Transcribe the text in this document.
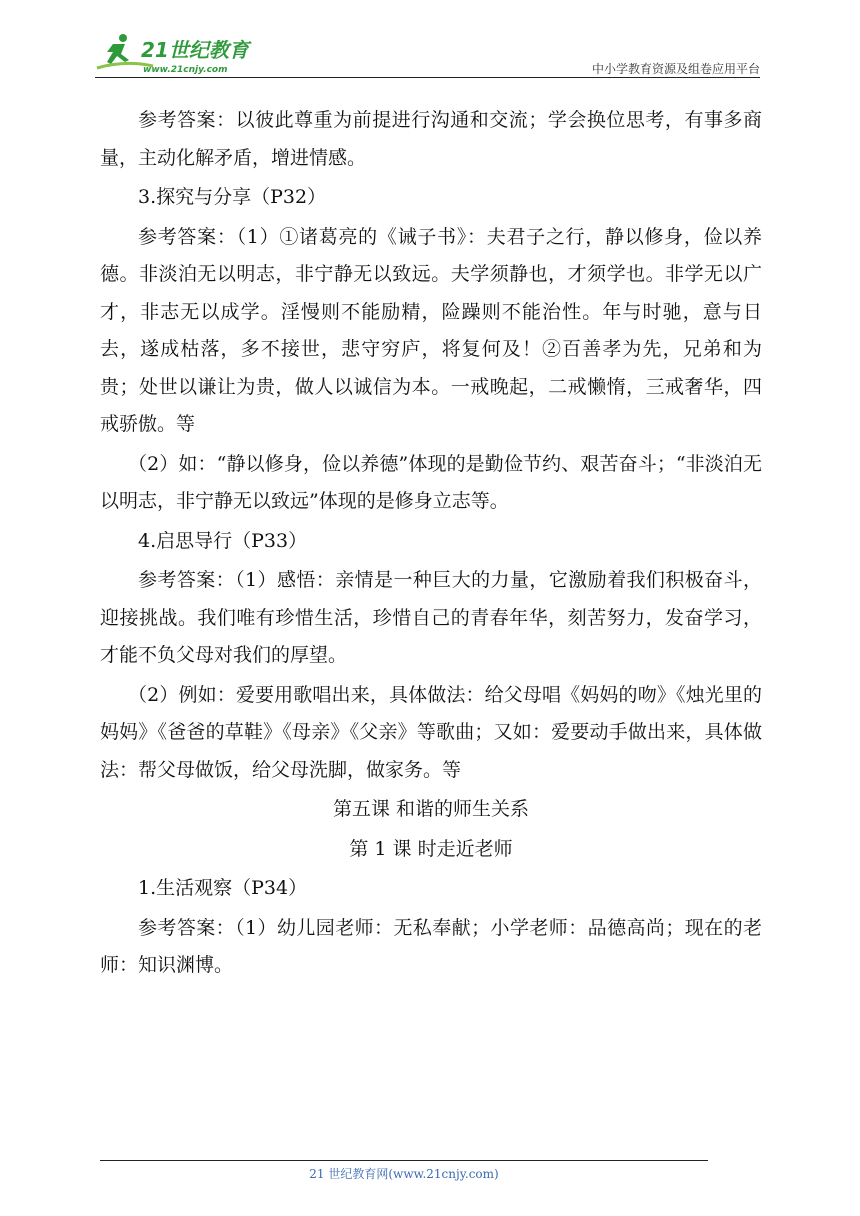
21世纪教育
www.21cnjy.com	中小学教育资源及组卷应用平台

参考答案：以彼此尊重为前提进行沟通和交流；学会换位思考，有事多商量，主动化解矛盾，增进情感。

3.探究与分享（P32）

参考答案：（1）①诸葛亮的《诫子书》：夫君子之行，静以修身，俭以养德。非淡泊无以明志，非宁静无以致远。夫学须静也，才须学也。非学无以广才，非志无以成学。淫慢则不能励精，险躁则不能治性。年与时驰，意与日去，遂成枯落，多不接世，悲守穷庐，将复何及！②百善孝为先，兄弟和为贵；处世以谦让为贵，做人以诚信为本。一戒晚起，二戒懒惰，三戒奢华，四戒骄傲。等

（2）如：“静以修身，俭以养德”体现的是勤俭节约、艰苦奋斗；“非淡泊无以明志，非宁静无以致远”体现的是修身立志等。

4.启思导行（P33）

参考答案：（1）感悟：亲情是一种巨大的力量，它激励着我们积极奋斗，迎接挑战。我们唯有珍惜生活，珍惜自己的青春年华，刻苦努力，发奋学习，才能不负父母对我们的厚望。

（2）例如：爱要用歌唱出来，具体做法：给父母唱《妈妈的吻》《烛光里的妈妈》《爸爸的草鞋》《母亲》《父亲》等歌曲；又如：爱要动手做出来，具体做法：帮父母做饭，给父母洗脚，做家务。等

第五课 和谐的师生关系

第 1 课 时走近老师

1.生活观察（P34）

参考答案：（1）幼儿园老师：无私奉献；小学老师：品德高尚；现在的老师：知识渊博。

21 世纪教育网(www.21cnjy.com)
